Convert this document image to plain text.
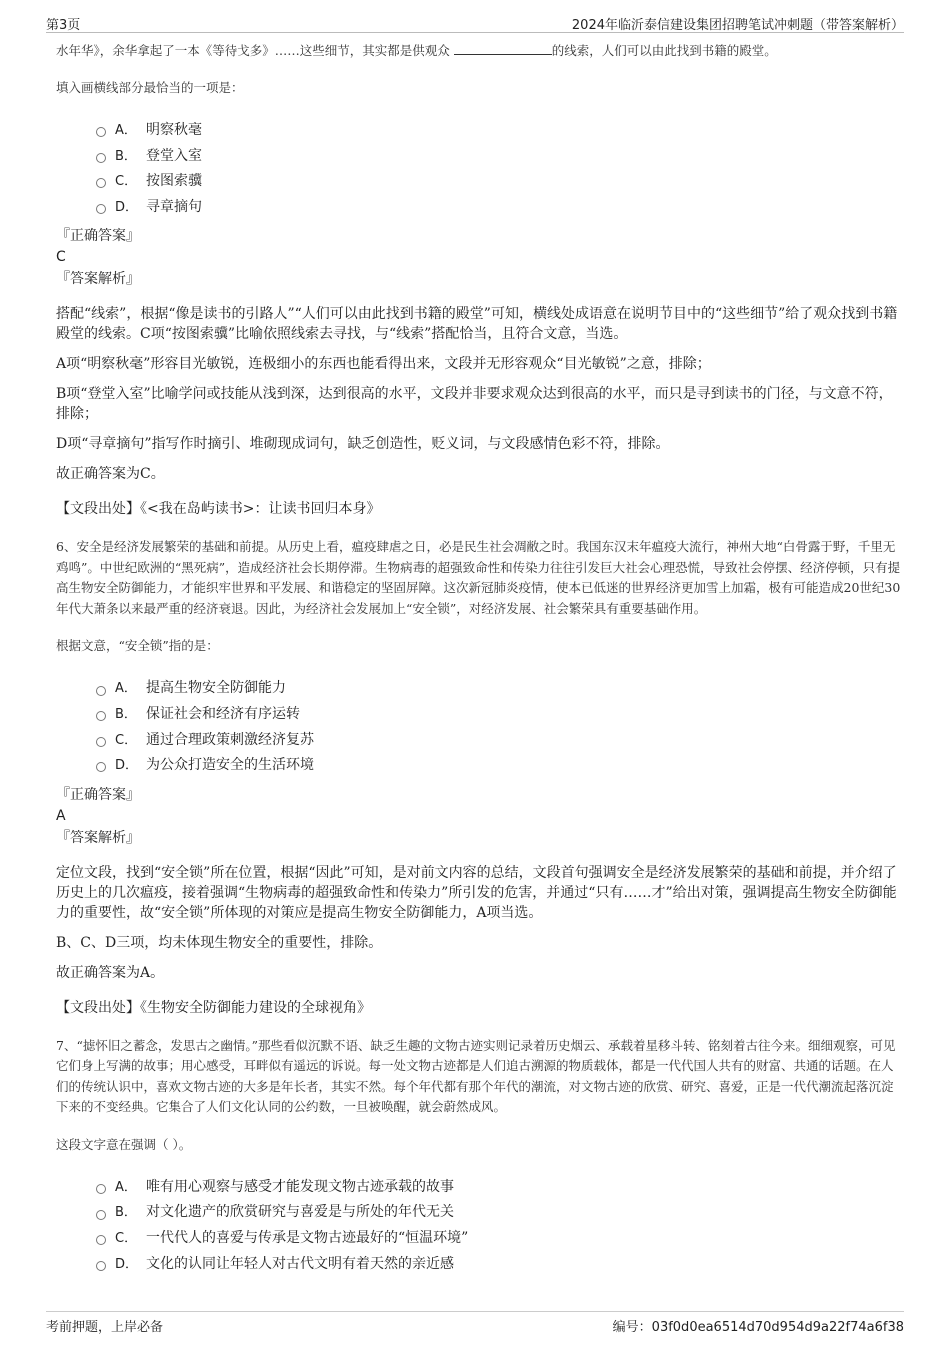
第3页	2024年临沂泰信建设集团招聘笔试冲刺题（带答案解析）

水年华》，余华拿起了一本《等待戈多》……这些细节，其实都是供观众	的线索，人们可以由此找到书籍的殿堂。

填入画横线部分最恰当的一项是：

A． 明察秋毫
B． 登堂入室
C． 按图索骥
D． 寻章摘句

『正确答案』

C

『答案解析』

搭配“线索”，根据“像是读书的引路人”“人们可以由此找到书籍的殿堂”可知，横线处成语意在说明节目中的“这些细节”给了观众找到书籍殿堂的线索。C项“按图索骥”比喻依照线索去寻找，与“线索”搭配恰当，且符合文意，当选。

A项“明察秋毫”形容目光敏锐，连极细小的东西也能看得出来，文段并无形容观众“目光敏锐”之意，排除；

B项“登堂入室”比喻学问或技能从浅到深，达到很高的水平，文段并非要求观众达到很高的水平，而只是寻到读书的门径，与文意不符，排除；

D项“寻章摘句”指写作时摘引、堆砌现成词句，缺乏创造性，贬义词，与文段感情色彩不符，排除。

故正确答案为C。

【文段出处】《<我在岛屿读书>：让读书回归本身》

6、安全是经济发展繁荣的基础和前提。从历史上看，瘟疫肆虐之日，必是民生社会凋敝之时。我国东汉末年瘟疫大流行，神州大地“白骨露于野，千里无鸡鸣”。中世纪欧洲的“黑死病”，造成经济社会长期停滞。生物病毒的超强致命性和传染力往往引发巨大社会心理恐慌，导致社会停摆、经济停顿，只有提高生物安全防御能力，才能织牢世界和平发展、和谐稳定的坚固屏障。这次新冠肺炎疫情，使本已低迷的世界经济更加雪上加霜，极有可能造成20世纪30年代大萧条以来最严重的经济衰退。因此，为经济社会发展加上“安全锁”，对经济发展、社会繁荣具有重要基础作用。

根据文意，“安全锁”指的是：

A． 提高生物安全防御能力
B． 保证社会和经济有序运转
C． 通过合理政策刺激经济复苏
D． 为公众打造安全的生活环境

『正确答案』

A

『答案解析』

定位文段，找到“安全锁”所在位置，根据“因此”可知，是对前文内容的总结，文段首句强调安全是经济发展繁荣的基础和前提，并介绍了历史上的几次瘟疫，接着强调“生物病毒的超强致命性和传染力”所引发的危害，并通过“只有……才”给出对策，强调提高生物安全防御能力的重要性，故“安全锁”所体现的对策应是提高生物安全防御能力，A项当选。

B、C、D三项，均未体现生物安全的重要性，排除。

故正确答案为A。

【文段出处】《生物安全防御能力建设的全球视角》

7、“摅怀旧之蓄念，发思古之幽情。”那些看似沉默不语、缺乏生趣的文物古迹实则记录着历史烟云、承载着星移斗转、铭刻着古往今来。细细观察，可见它们身上写满的故事；用心感受，耳畔似有遥远的诉说。每一处文物古迹都是人们追古溯源的物质载体，都是一代代国人共有的财富、共通的话题。在人们的传统认识中，喜欢文物古迹的大多是年长者，其实不然。每个年代都有那个年代的潮流，对文物古迹的欣赏、研究、喜爱，正是一代代潮流起落沉淀下来的不变经典。它集合了人们文化认同的公约数，一旦被唤醒，就会蔚然成风。

这段文字意在强调（ ）。

A． 唯有用心观察与感受才能发现文物古迹承载的故事
B． 对文化遗产的欣赏研究与喜爱是与所处的年代无关
C． 一代代人的喜爱与传承是文物古迹最好的“恒温环境”
D． 文化的认同让年轻人对古代文明有着天然的亲近感
考前押题，上岸必备	编号：03f0d0ea6514d70d954d9a22f74a6f38
